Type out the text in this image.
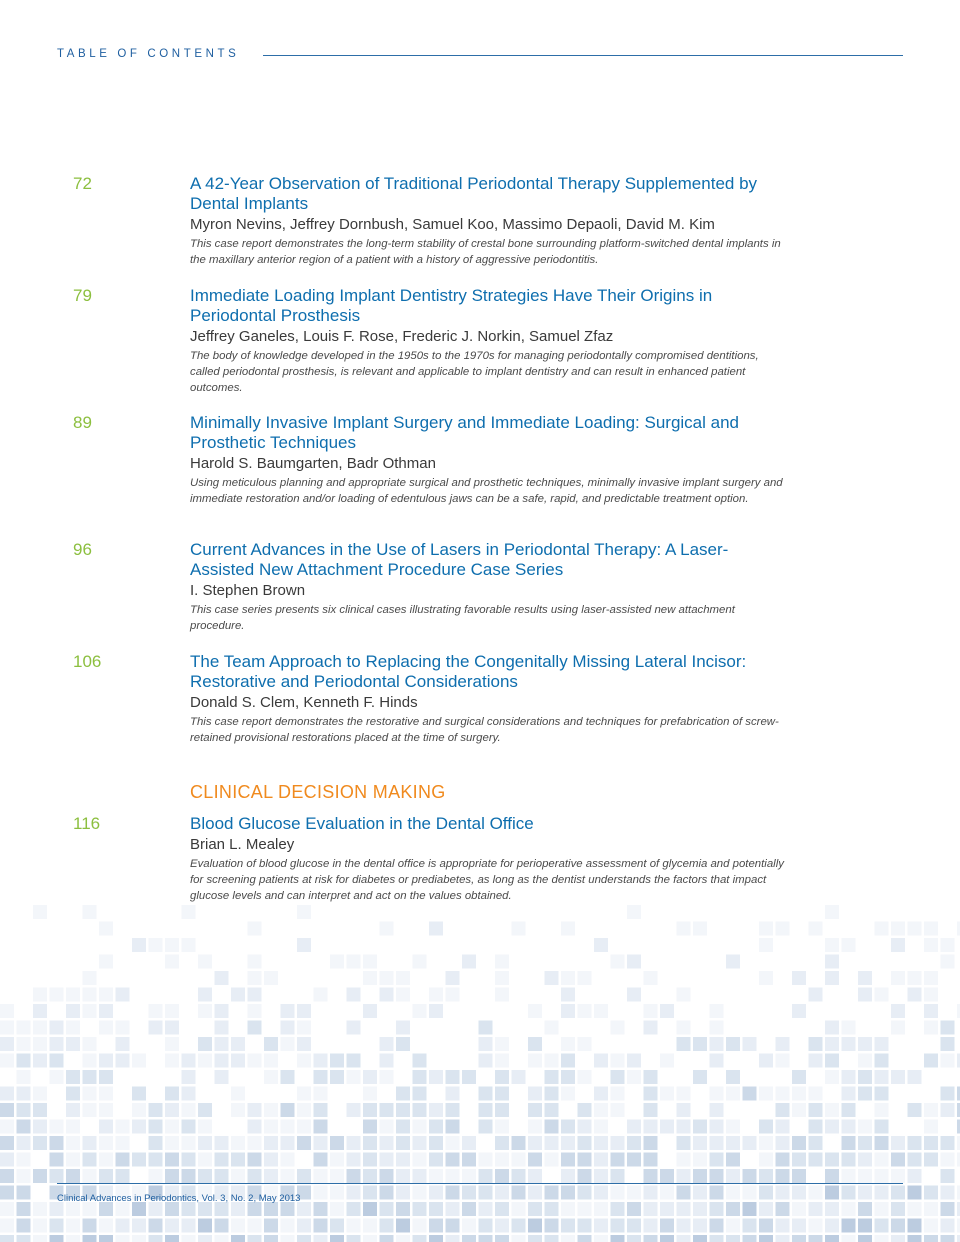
TABLE OF CONTENTS
72	A 42-Year Observation of Traditional Periodontal Therapy Supplemented by Dental Implants

Myron Nevins, Jeffrey Dornbush, Samuel Koo, Massimo Depaoli, David M. Kim

This case report demonstrates the long-term stability of crestal bone surrounding platform-switched dental implants in the maxillary anterior region of a patient with a history of aggressive periodontitis.

79	Immediate Loading Implant Dentistry Strategies Have Their Origins in Periodontal Prosthesis

Jeffrey Ganeles, Louis F. Rose, Frederic J. Norkin, Samuel Zfaz

The body of knowledge developed in the 1950s to the 1970s for managing periodontally compromised dentitions, called periodontal prosthesis, is relevant and applicable to implant dentistry and can result in enhanced patient outcomes.

89	Minimally Invasive Implant Surgery and Immediate Loading: Surgical and Prosthetic Techniques

Harold S. Baumgarten, Badr Othman

Using meticulous planning and appropriate surgical and prosthetic techniques, minimally invasive implant surgery and immediate restoration and/or loading of edentulous jaws can be a safe, rapid, and predictable treatment option.

96	Current Advances in the Use of Lasers in Periodontal Therapy: A Laser-Assisted New Attachment Procedure Case Series

I. Stephen Brown

This case series presents six clinical cases illustrating favorable results using laser-assisted new attachment procedure.

106	The Team Approach to Replacing the Congenitally Missing Lateral Incisor: Restorative and Periodontal Considerations

Donald S. Clem, Kenneth F. Hinds

This case report demonstrates the restorative and surgical considerations and techniques for prefabrication of screw-retained provisional restorations placed at the time of surgery.

CLINICAL DECISION MAKING
116	Blood Glucose Evaluation in the Dental Office

Brian L. Mealey

Evaluation of blood glucose in the dental office is appropriate for perioperative assessment of glycemia and potentially for screening patients at risk for diabetes or prediabetes, as long as the dentist understands the factors that impact glucose levels and can interpret and act on the values obtained.

Clinical Advances in Periodontics, Vol. 3, No. 2, May 2013
